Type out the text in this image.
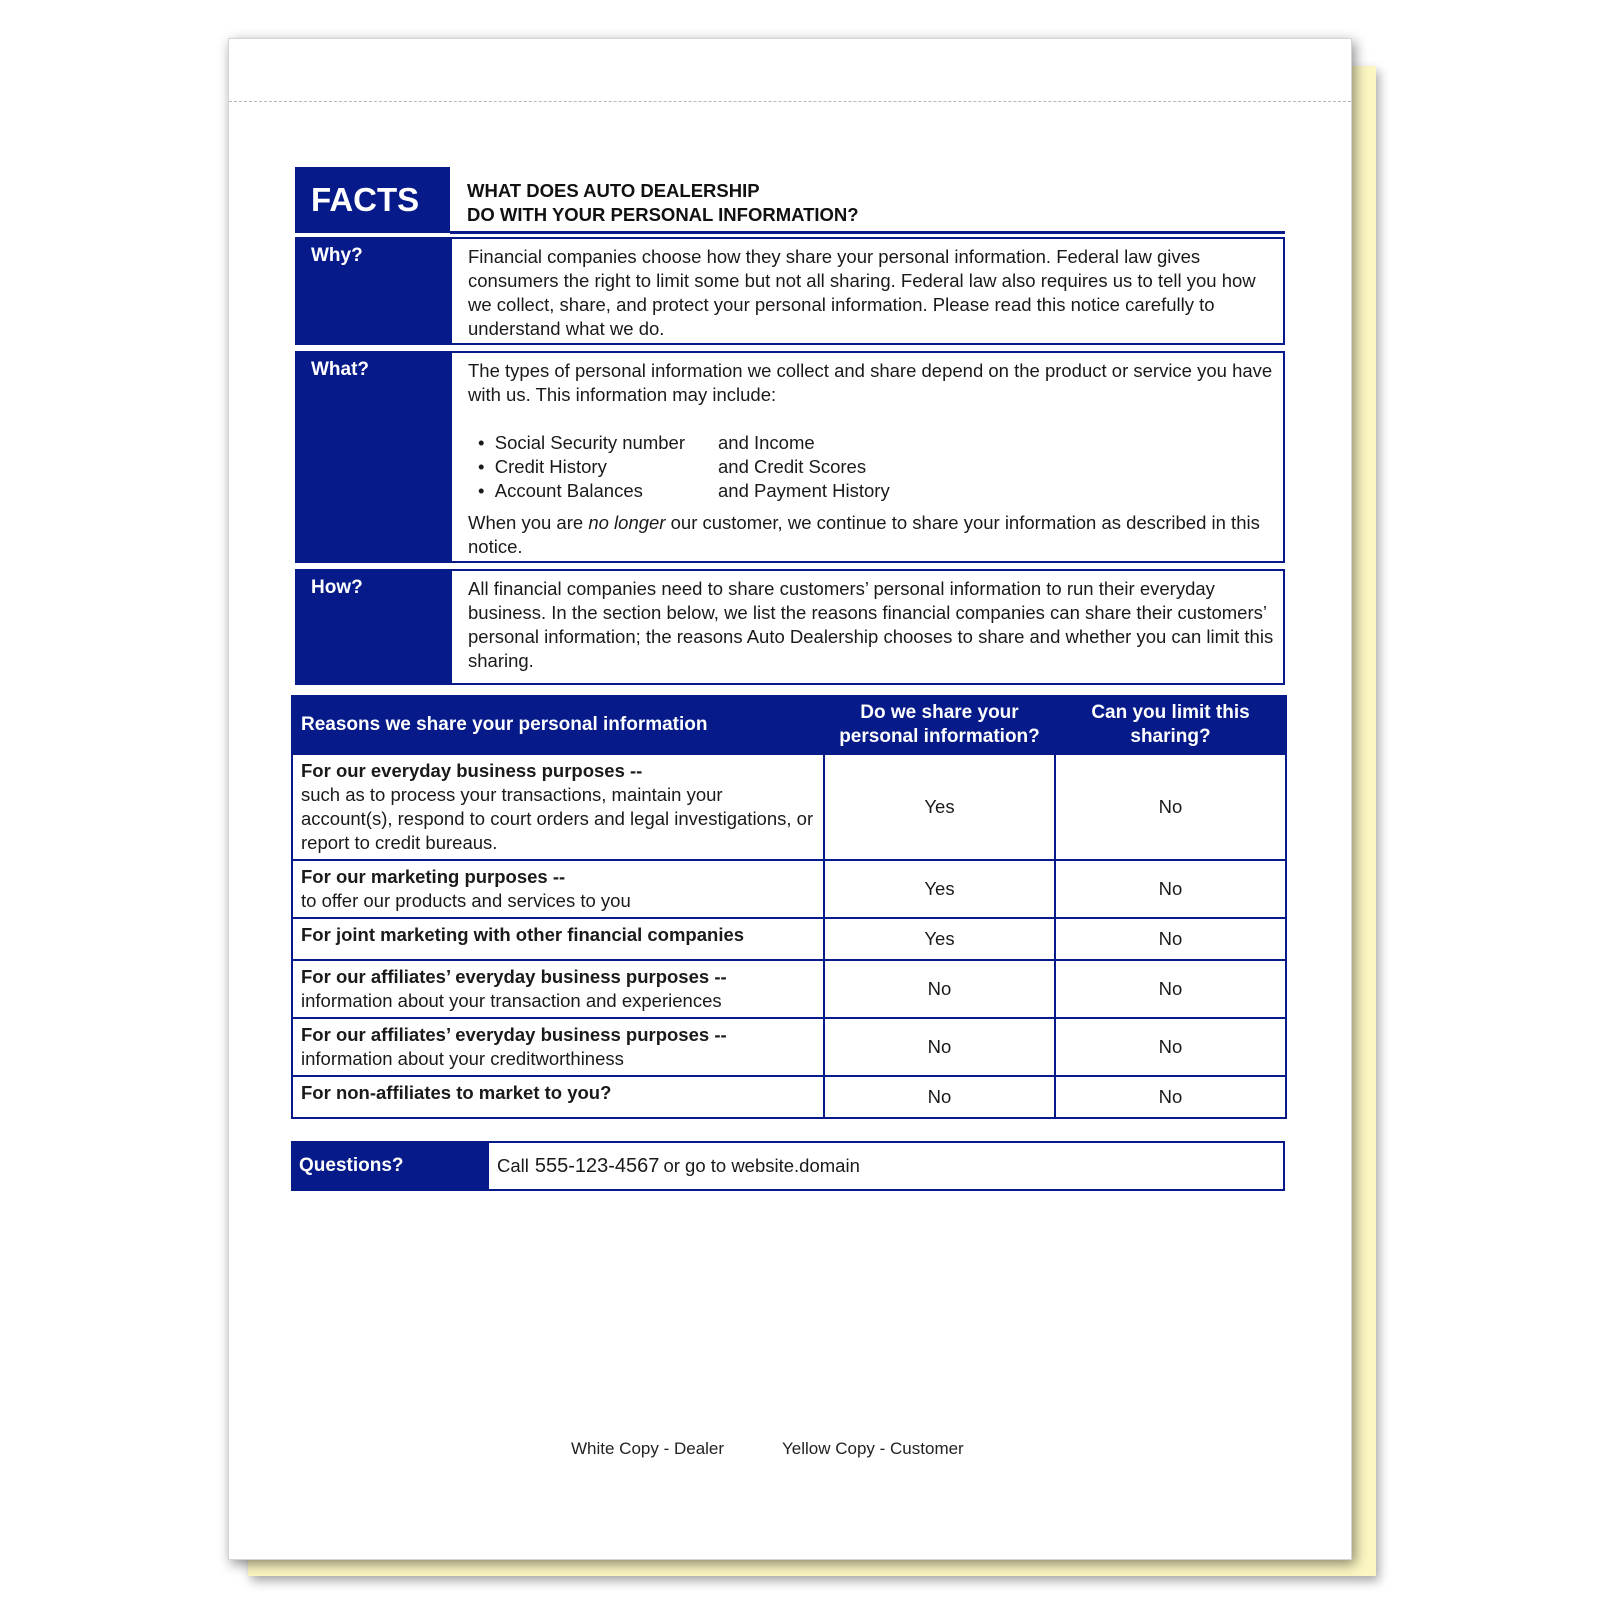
FACTS	WHAT DOES AUTO DEALERSHIP
DO WITH YOUR PERSONAL INFORMATION?
Why?	Financial companies choose how they share your personal information. Federal law gives consumers the right to limit some but not all sharing. Federal law also requires us to tell you how we collect, share, and protect your personal information. Please read this notice carefully to understand what we do.

What?	The types of personal information we collect and share depend on the product or service you have with us. This information may include:

•  Social Security number	and Income
•  Credit History	and Credit Scores
•  Account Balances	and Payment History

When you are no longer our customer, we continue to share your information as described in this notice.

How?	All financial companies need to share customers’ personal information to run their everyday business. In the section below, we list the reasons financial companies can share their customers’ personal information; the reasons Auto Dealership chooses to share and whether you can limit this sharing.

Reasons we share your personal information	Do we share your personal information?	Can you limit this sharing?

For our everyday business purposes --
such as to process your transactions, maintain your account(s), respond to court orders and legal investigations, or report to credit bureaus.	Yes	No

For our marketing purposes --
to offer our products and services to you	Yes	No

For joint marketing with other financial companies	Yes	No

For our affiliates’ everyday business purposes --
information about your transaction and experiences	No	No

For our affiliates’ everyday business purposes --
information about your creditworthiness	No	No

For non-affiliates to market to you?	No	No
Questions?	Call 555-123-4567 or go to website.domain
White Copy - Dealer	Yellow Copy - Customer
